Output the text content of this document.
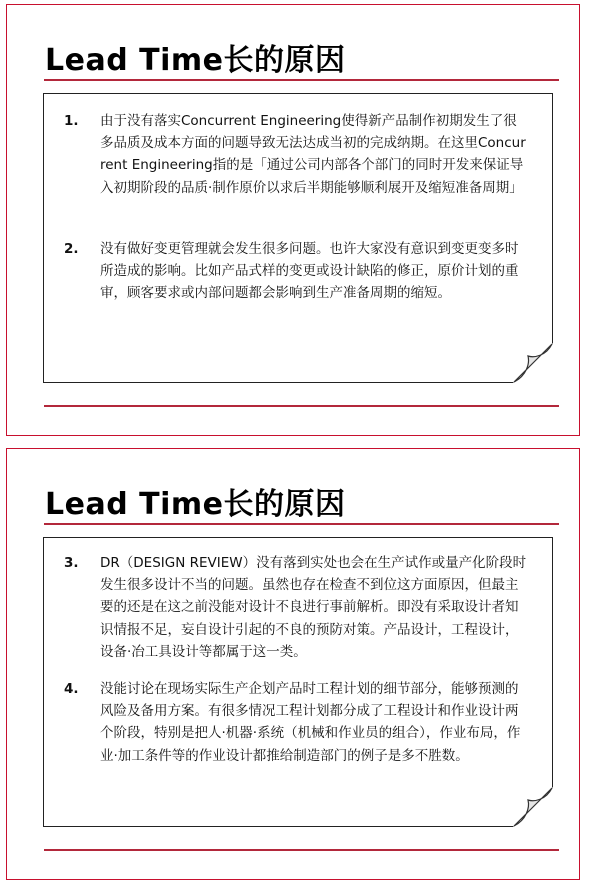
Lead Time长的原因
1. 由于没有落实Concurrent Engineering使得新产品制作初期发生了很多品质及成本方面的问题导致无法达成当初的完成纳期。在这里Concurrent Engineering指的是「通过公司内部各个部门的同时开发来保证导入初期阶段的品质·制作原价以求后半期能够顺利展开及缩短准备周期」
2. 没有做好变更管理就会发生很多问题。也许大家没有意识到变更变多时所造成的影响。比如产品式样的变更或设计缺陷的修正，原价计划的重审，顾客要求或内部问题都会影响到生产准备周期的缩短。
Lead Time长的原因
3. DR（DESIGN REVIEW）没有落到实处也会在生产试作或量产化阶段时发生很多设计不当的问题。虽然也存在检查不到位这方面原因，但最主要的还是在这之前没能对设计不良进行事前解析。即没有采取设计者知识情报不足，妄自设计引起的不良的预防对策。产品设计，工程设计，设备·冶工具设计等都属于这一类。
4. 没能讨论在现场实际生产企划产品时工程计划的细节部分，能够预测的风险及备用方案。有很多情况工程计划都分成了工程设计和作业设计两个阶段，特别是把人·机器·系统（机械和作业员的组合），作业布局，作业·加工条件等的作业设计都推给制造部门的例子是多不胜数。
